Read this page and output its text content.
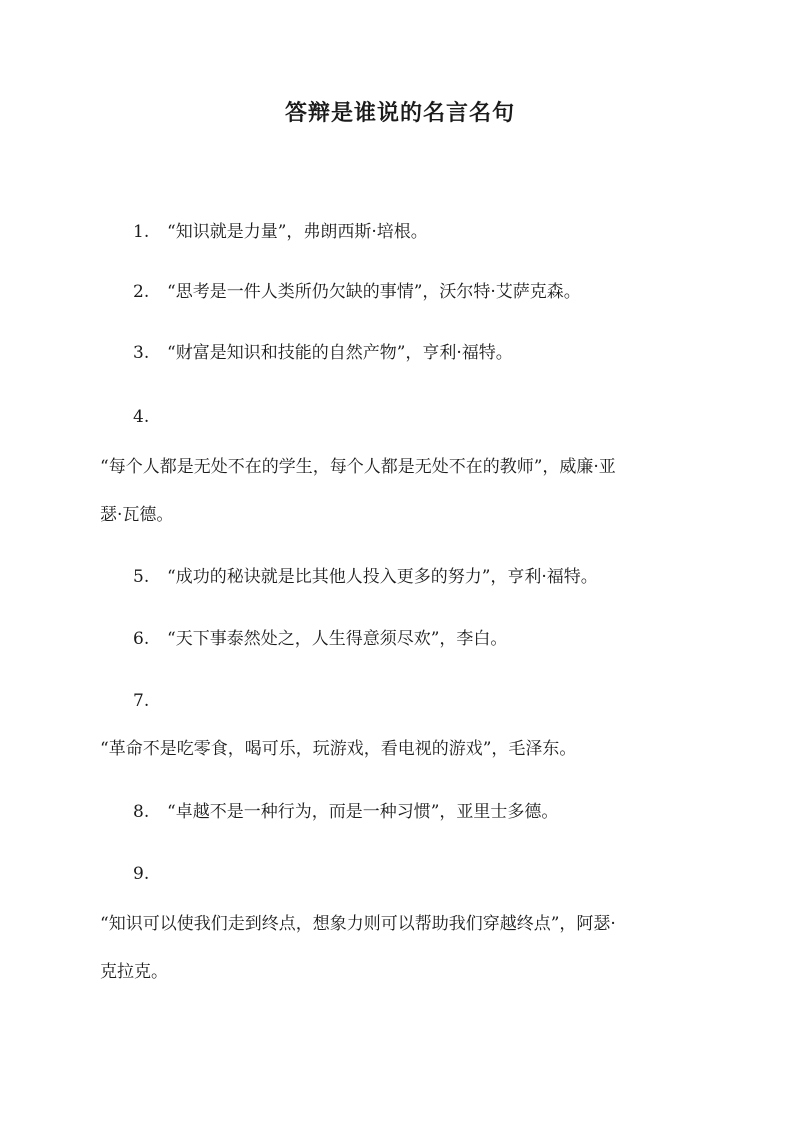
答辩是谁说的名言名句

1. “知识就是力量”，弗朗西斯·培根。

2. “思考是一件人类所仍欠缺的事情”，沃尔特·艾萨克森。

3. “财富是知识和技能的自然产物”，亨利·福特。

4.

“每个人都是无处不在的学生，每个人都是无处不在的教师”，威廉·亚

瑟·瓦德。

5. “成功的秘诀就是比其他人投入更多的努力”，亨利·福特。

6. “天下事泰然处之，人生得意须尽欢”，李白。

7.

“革命不是吃零食，喝可乐，玩游戏，看电视的游戏”，毛泽东。

8. “卓越不是一种行为，而是一种习惯”，亚里士多德。

9.

“知识可以使我们走到终点，想象力则可以帮助我们穿越终点”，阿瑟·

克拉克。
